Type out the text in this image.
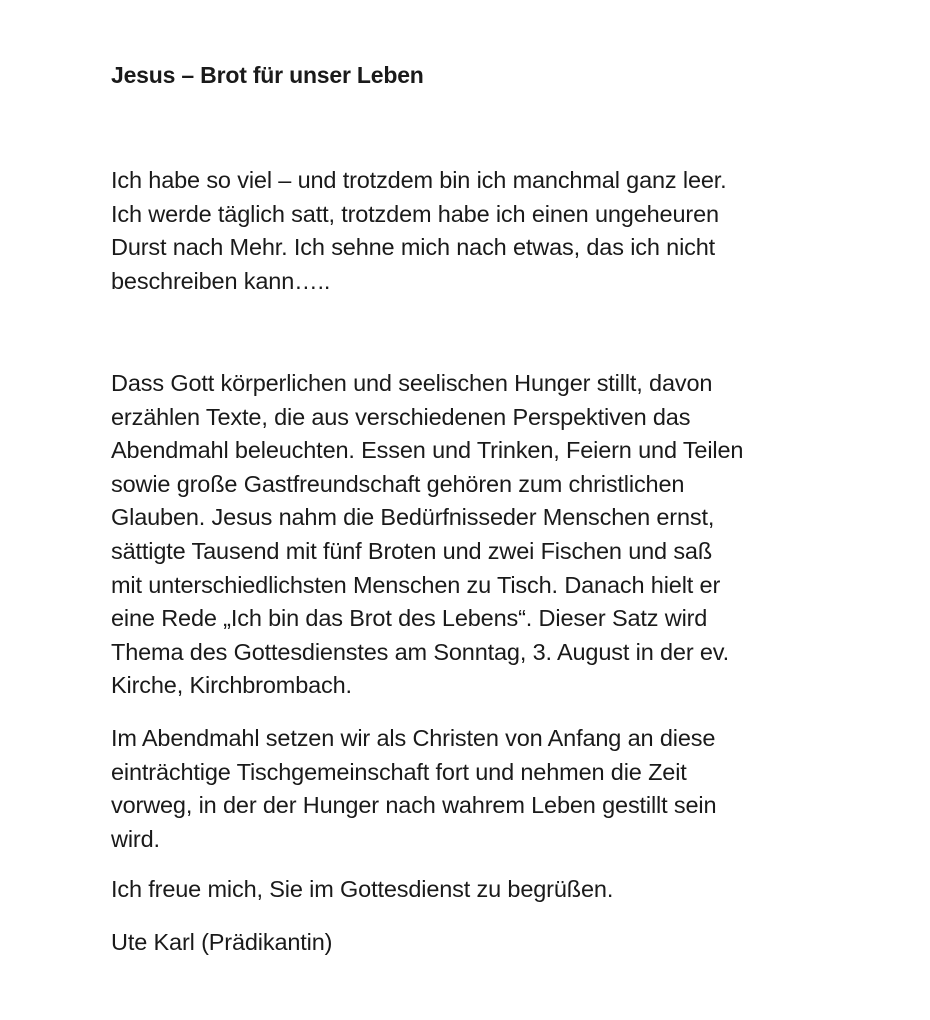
Jesus – Brot für unser Leben

Ich habe so viel – und trotzdem bin ich manchmal ganz leer.

Ich werde täglich satt, trotzdem habe ich einen ungeheuren

Durst nach Mehr. Ich sehne mich nach etwas, das ich nicht

beschreiben kann…..

Dass Gott körperlichen und seelischen Hunger stillt, davon

erzählen Texte, die aus verschiedenen Perspektiven das

Abendmahl beleuchten. Essen und Trinken, Feiern und Teilen

sowie große Gastfreundschaft gehören zum christlichen

Glauben. Jesus nahm die Bedürfnisseder Menschen ernst,

sättigte Tausend mit fünf Broten und zwei Fischen und saß

mit unterschiedlichsten Menschen zu Tisch. Danach hielt er

eine Rede „Ich bin das Brot des Lebens“. Dieser Satz wird

Thema des Gottesdienstes am Sonntag, 3. August in der ev.

Kirche, Kirchbrombach.

Im Abendmahl setzen wir als Christen von Anfang an diese

einträchtige Tischgemeinschaft fort und nehmen die Zeit

vorweg, in der der Hunger nach wahrem Leben gestillt sein

wird.

Ich freue mich, Sie im Gottesdienst zu begrüßen.

Ute Karl (Prädikantin)
